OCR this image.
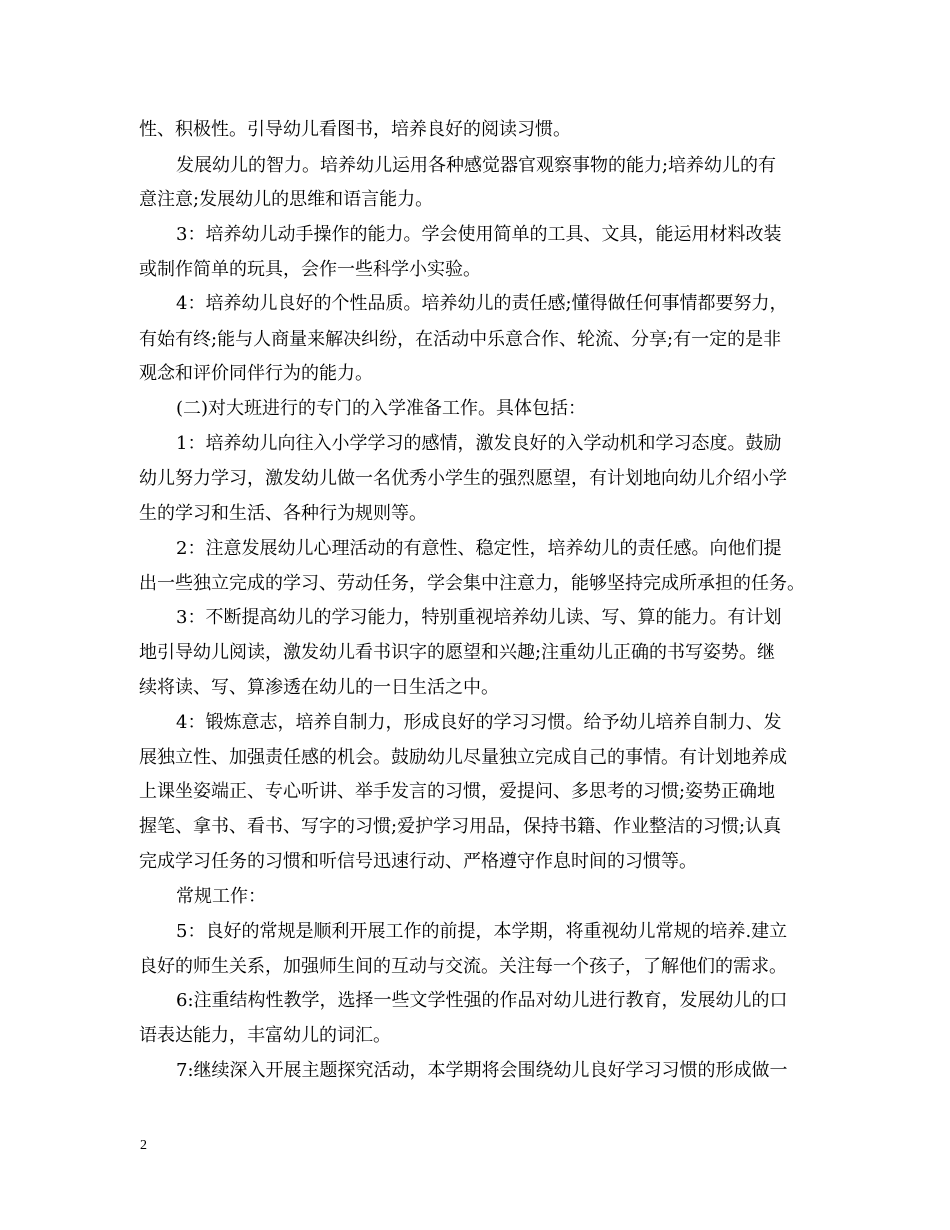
性、积极性。引导幼儿看图书，培养良好的阅读习惯。
发展幼儿的智力。培养幼儿运用各种感觉器官观察事物的能力;培养幼儿的有
意注意;发展幼儿的思维和语言能力。
3：培养幼儿动手操作的能力。学会使用简单的工具、文具，能运用材料改装
或制作简单的玩具，会作一些科学小实验。
4：培养幼儿良好的个性品质。培养幼儿的责任感;懂得做任何事情都要努力，
有始有终;能与人商量来解决纠纷，在活动中乐意合作、轮流、分享;有一定的是非
观念和评价同伴行为的能力。
(二)对大班进行的专门的入学准备工作。具体包括：
1：培养幼儿向往入小学学习的感情，激发良好的入学动机和学习态度。鼓励
幼儿努力学习，激发幼儿做一名优秀小学生的强烈愿望，有计划地向幼儿介绍小学
生的学习和生活、各种行为规则等。
2：注意发展幼儿心理活动的有意性、稳定性，培养幼儿的责任感。向他们提
出一些独立完成的学习、劳动任务，学会集中注意力，能够坚持完成所承担的任务。
3：不断提高幼儿的学习能力，特别重视培养幼儿读、写、算的能力。有计划
地引导幼儿阅读，激发幼儿看书识字的愿望和兴趣;注重幼儿正确的书写姿势。继
续将读、写、算渗透在幼儿的一日生活之中。
4：锻炼意志，培养自制力，形成良好的学习习惯。给予幼儿培养自制力、发
展独立性、加强责任感的机会。鼓励幼儿尽量独立完成自己的事情。有计划地养成
上课坐姿端正、专心听讲、举手发言的习惯，爱提问、多思考的习惯;姿势正确地
握笔、拿书、看书、写字的习惯;爱护学习用品，保持书籍、作业整洁的习惯;认真
完成学习任务的习惯和听信号迅速行动、严格遵守作息时间的习惯等。
常规工作：
5：良好的常规是顺利开展工作的前提，本学期，将重视幼儿常规的培养.建立
良好的师生关系，加强师生间的互动与交流。关注每一个孩子，了解他们的需求。
6:注重结构性教学，选择一些文学性强的作品对幼儿进行教育，发展幼儿的口
语表达能力，丰富幼儿的词汇。
7:继续深入开展主题探究活动，本学期将会围绕幼儿良好学习习惯的形成做一
2
